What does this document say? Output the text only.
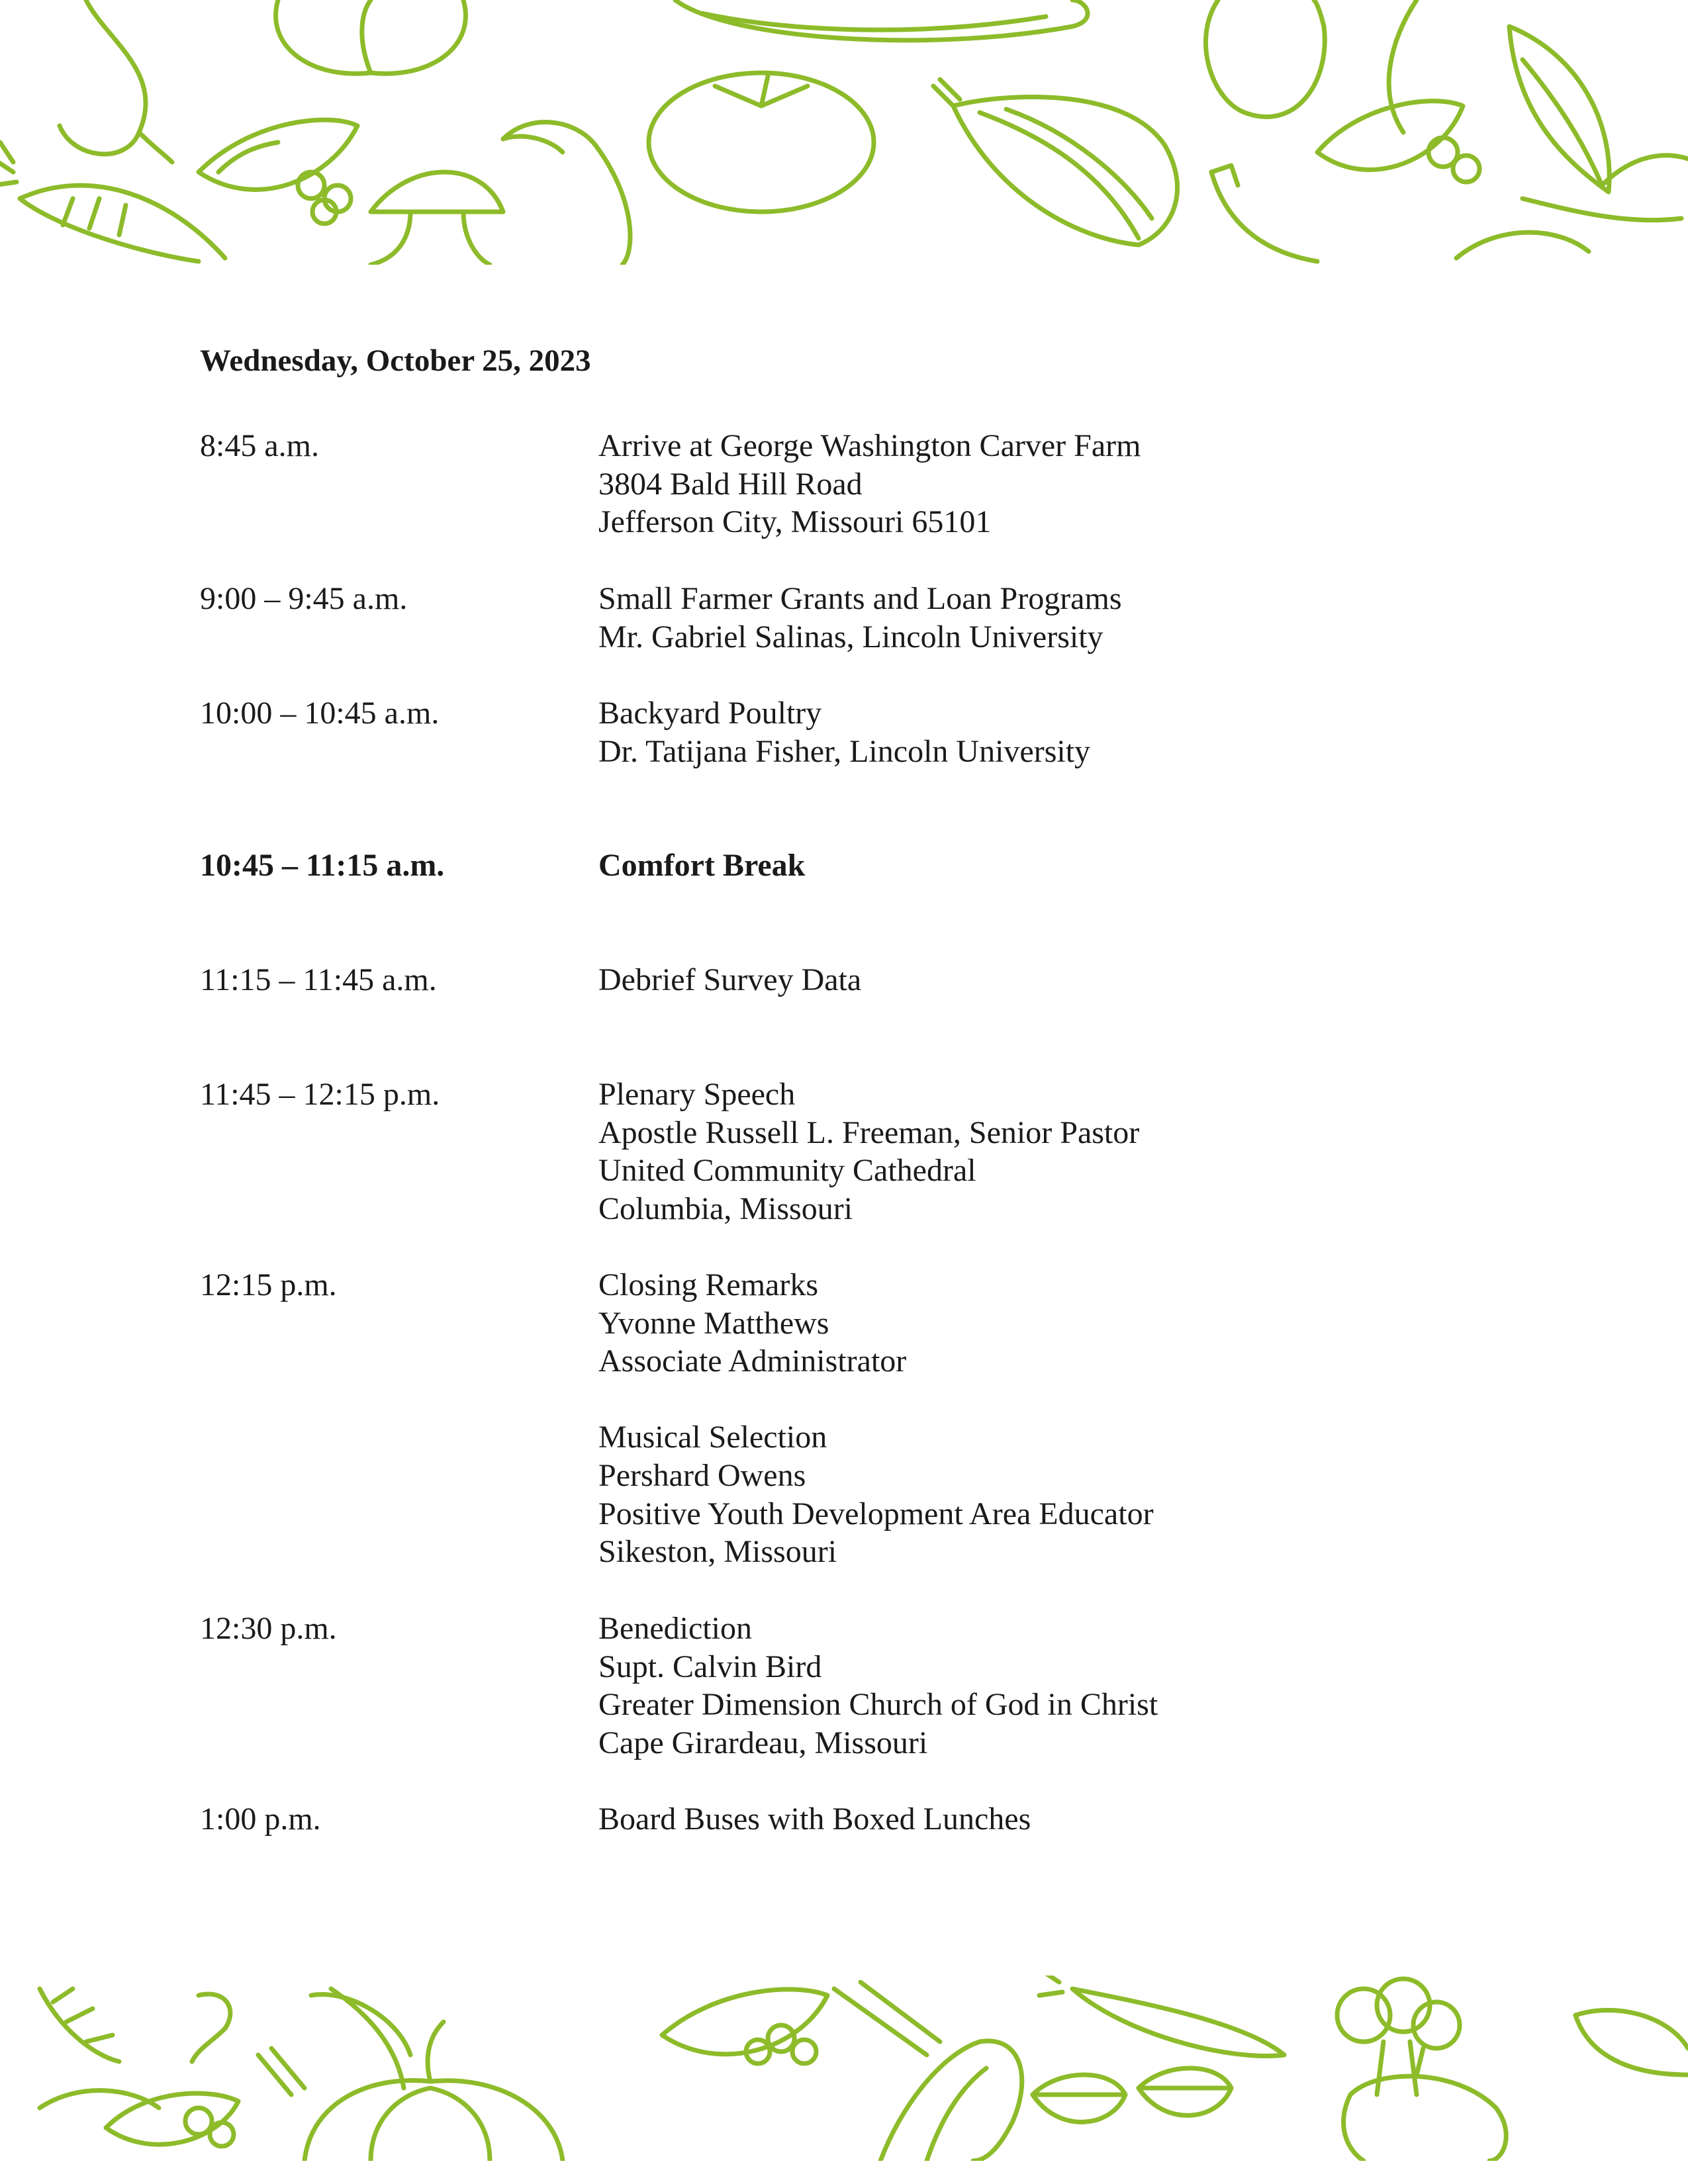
Wednesday, October 25, 2023

8:45 a.m.	Arrive at George Washington Carver Farm
3804 Bald Hill Road
Jefferson City, Missouri 65101
9:00 – 9:45 a.m.	Small Farmer Grants and Loan Programs
Mr. Gabriel Salinas, Lincoln University
10:00 – 10:45 a.m.	Backyard Poultry
Dr. Tatijana Fisher, Lincoln University
10:45 – 11:15 a.m.	Comfort Break
11:15 – 11:45 a.m.	Debrief Survey Data
11:45 – 12:15 p.m.	Plenary Speech
Apostle Russell L. Freeman, Senior Pastor
United Community Cathedral
Columbia, Missouri
12:15 p.m.	Closing Remarks
Yvonne Matthews
Associate Administrator
Musical Selection
Pershard Owens
Positive Youth Development Area Educator
Sikeston, Missouri
12:30 p.m.	Benediction
Supt. Calvin Bird
Greater Dimension Church of God in Christ
Cape Girardeau, Missouri
1:00 p.m.	Board Buses with Boxed Lunches
